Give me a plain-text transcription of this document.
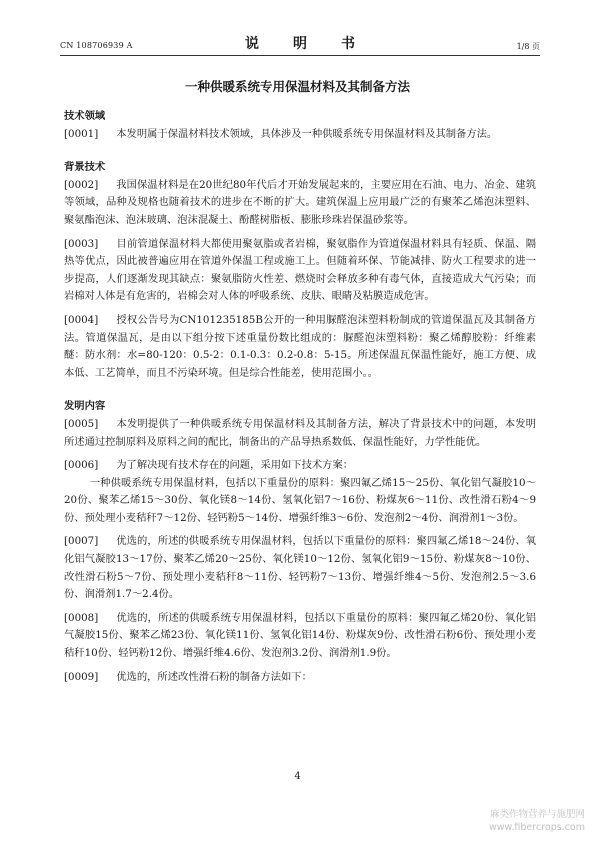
CN 108706939 A	说　明　书	1/8 页
一种供暖系统专用保温材料及其制备方法

技术领域

[0001] 本发明属于保温材料技术领域，具体涉及一种供暖系统专用保温材料及其制备方法。

背景技术

[0002] 我国保温材料是在20世纪80年代后才开始发展起来的，主要应用在石油、电力、冶金、建筑等领域，品种及规格也随着技术的进步在不断的扩大。建筑保温上应用最广泛的有聚苯乙烯泡沫塑料、聚氨酯泡沫、泡沫玻璃、泡沫混凝土、酚醛树脂板、膨胀珍珠岩保温砂浆等。

[0003] 目前管道保温材料大都使用聚氨脂或者岩棉，聚氨脂作为管道保温材料具有轻质、保温、隔热等优点，因此被普遍应用在管道外保温工程或施工上。但随着环保、节能减排、防火工程要求的进一步提高，人们逐渐发现其缺点：聚氨脂防火性差、燃烧时会释放多种有毒气体，直接造成大气污染；而岩棉对人体是有危害的，岩棉会对人体的呼吸系统、皮肤、眼睛及粘膜造成危害。

[0004] 授权公告号为CN101235185B公开的一种用脲醛泡沫塑料粉制成的管道保温瓦及其制备方法。管道保温瓦，是由以下组分按下述重量份数比组成的：脲醛泡沫塑料粉：聚乙烯醇胶粉：纤维素醚：防水剂：水=80-120：0.5-2：0.1-0.3：0.2-0.8：5-15。所述保温瓦保温性能好，施工方便、成本低、工艺简单，而且不污染环境。但是综合性能差，使用范围小。。

发明内容

[0005] 本发明提供了一种供暖系统专用保温材料及其制备方法，解决了背景技术中的问题，本发明所述通过控制原料及原料之间的配比，制备出的产品导热系数低、保温性能好，力学性能优。

[0006] 为了解决现有技术存在的问题，采用如下技术方案：

一种供暖系统专用保温材料，包括以下重量份的原料：聚四氟乙烯15～25份、氧化铝气凝胶10～20份、聚苯乙烯15～30份、氧化镁8～14份、氢氧化铝7～16份、粉煤灰6～11份、改性滑石粉4～9份、预处理小麦秸秆7～12份、轻钙粉5～14份、增强纤维3～6份、发泡剂2～4份、润滑剂1～3份。

[0007] 优选的，所述的供暖系统专用保温材料，包括以下重量份的原料：聚四氟乙烯18～24份、氧化铝气凝胶13～17份、聚苯乙烯20～25份、氧化镁10～12份、氢氧化铝9～15份、粉煤灰8～10份、改性滑石粉5～7份、预处理小麦秸秆8～11份、轻钙粉7～13份、增强纤维4～5份、发泡剂2.5～3.6份、润滑剂1.7～2.4份。

[0008] 优选的，所述的供暖系统专用保温材料，包括以下重量份的原料：聚四氟乙烯20份、氧化铝气凝胶15份、聚苯乙烯23份、氧化镁11份、氢氧化铝14份、粉煤灰9份、改性滑石粉6份、预处理小麦秸秆10份、轻钙粉12份、增强纤维4.6份、发泡剂3.2份、润滑剂1.9份。

[0009] 优选的，所述改性滑石粉的制备方法如下：

4
麻类作物营养与施肥网
www.fibercrops.com
